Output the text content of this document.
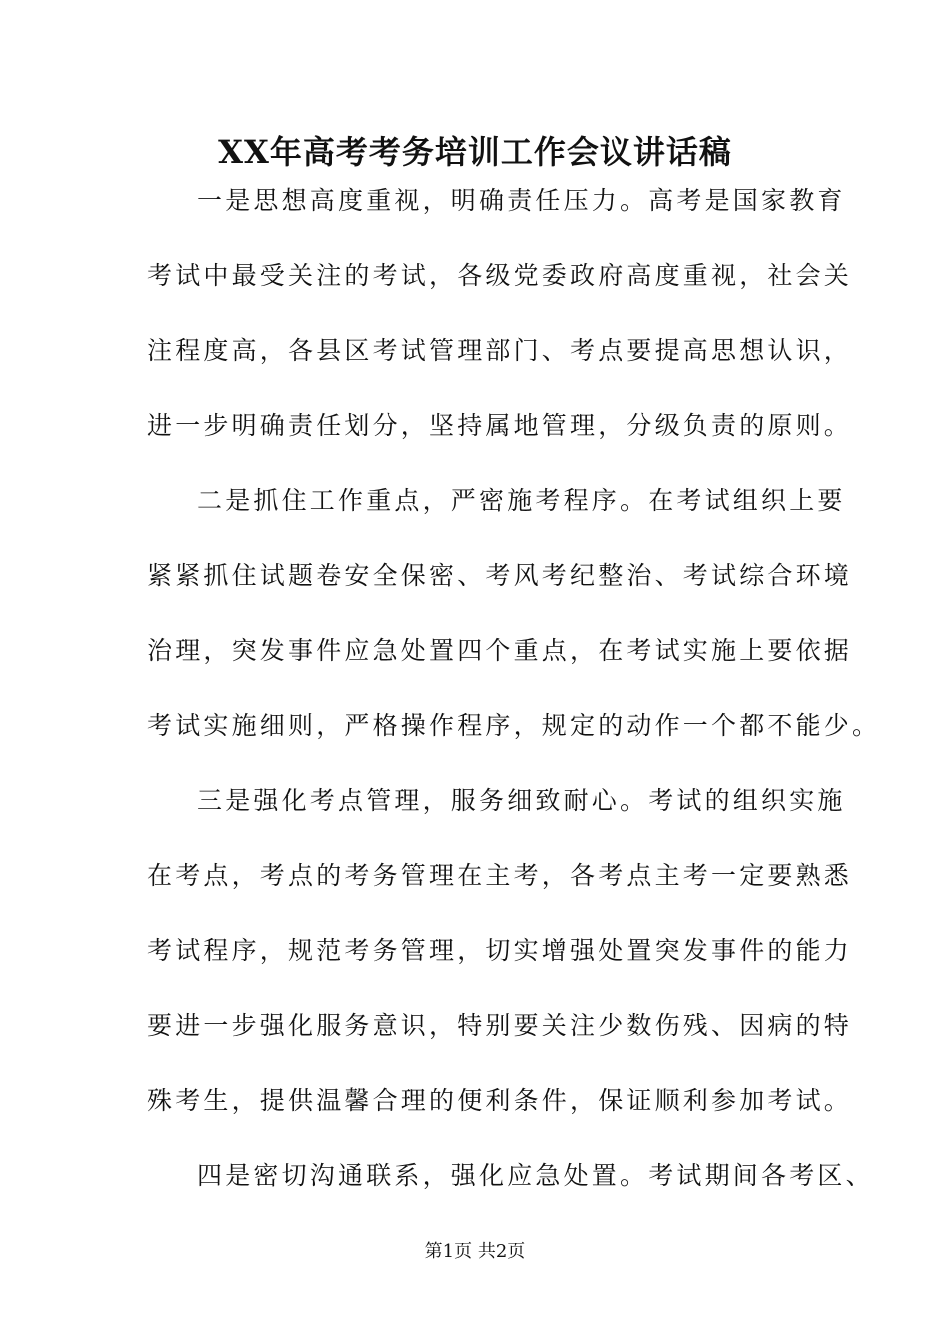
XX年高考考务培训工作会议讲话稿
一是思想高度重视，明确责任压力。高考是国家教育
考试中最受关注的考试，各级党委政府高度重视，社会关
注程度高，各县区考试管理部门、考点要提高思想认识，
进一步明确责任划分，坚持属地管理，分级负责的原则。
二是抓住工作重点，严密施考程序。在考试组织上要
紧紧抓住试题卷安全保密、考风考纪整治、考试综合环境
治理，突发事件应急处置四个重点，在考试实施上要依据
考试实施细则，严格操作程序，规定的动作一个都不能少。
三是强化考点管理，服务细致耐心。考试的组织实施
在考点，考点的考务管理在主考，各考点主考一定要熟悉
考试程序，规范考务管理，切实增强处置突发事件的能力
要进一步强化服务意识，特别要关注少数伤残、因病的特
殊考生，提供温馨合理的便利条件，保证顺利参加考试。
四是密切沟通联系，强化应急处置。考试期间各考区、
第1页 共2页
